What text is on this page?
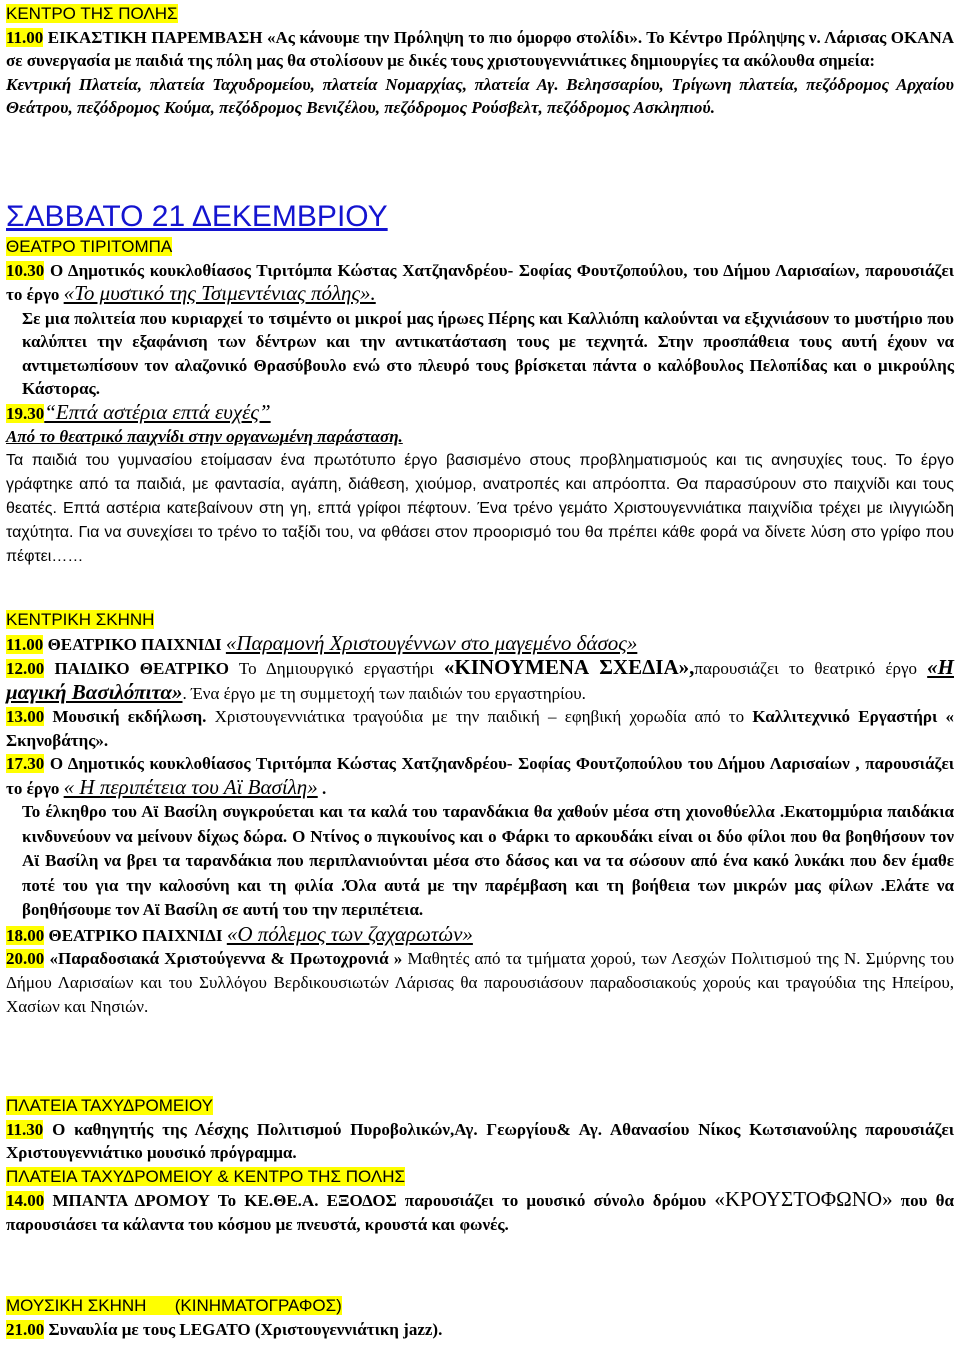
ΚΕΝΤΡΟ ΤΗΣ ΠΟΛΗΣ
11.00 ΕΙΚΑΣΤΙΚΗ ΠΑΡΕΜΒΑΣΗ «Ας κάνουμε την Πρόληψη το πιο όμορφο στολίδι». Το Κέντρο Πρόληψης ν. Λάρισας ΟΚΑΝΑ σε συνεργασία με παιδιά της πόλη μας θα στολίσουν με δικές τους χριστουγεννιάτικες δημιουργίες τα ακόλουθα σημεία:
Κεντρική Πλατεία, πλατεία Ταχυδρομείου, πλατεία Νομαρχίας, πλατεία Αγ. Βελησσαρίου, Τρίγωνη πλατεία, πεζόδρομος Αρχαίου Θεάτρου, πεζόδρομος Κούμα, πεζόδρομος Βενιζέλου, πεζόδρομος Ρούσβελτ, πεζόδρομος Ασκληπιού.
ΣΑΒΒΑΤΟ 21 ΔΕΚΕΜΒΡΙΟΥ
ΘΕΑΤΡΟ ΤΙΡΙΤΟΜΠΑ
10.30 Ο Δημοτικός κουκλοθίασος Τιριτόμπα Κώστας Χατζηανδρέου- Σοφίας Φουτζοπούλου, του Δήμου Λαρισαίων, παρουσιάζει το έργο «Το μυστικό της Τσιμεντένιας πόλης».
Σε μια πολιτεία που κυριαρχεί το τσιμέντο οι μικροί μας ήρωες Πέρης και Καλλιόπη καλούνται να εξιχνιάσουν το μυστήριο που καλύπτει την εξαφάνιση των δέντρων και την αντικατάσταση τους με τεχνητά. Στην προσπάθεια τους αυτή έχουν να αντιμετωπίσουν τον αλαζονικό Θρασύβουλο ενώ στο πλευρό τους βρίσκεται πάντα ο καλόβουλος Πελοπίδας και ο μικρούλης Κάστορας.
19.30“Επτά αστέρια επτά ευχές”
Από το θεατρικό παιχνίδι στην οργανωμένη παράσταση.
Τα παιδιά του γυμνασίου ετοίμασαν ένα πρωτότυπο έργο βασισμένο στους προβληματισμούς και τις ανησυχίες τους. Το έργο γράφτηκε από τα παιδιά, με φαντασία, αγάπη, διάθεση, χιούμορ, ανατροπές και απρόοπτα. Θα παρασύρουν στο παιχνίδι και τους θεατές. Επτά αστέρια κατεβαίνουν στη γη, επτά γρίφοι πέφτουν. Ένα τρένο γεμάτο Χριστουγεννιάτικα παιχνίδια τρέχει με ιλιγγιώδη ταχύτητα. Για να συνεχίσει το τρένο το ταξίδι του, να φθάσει στον προορισμό του θα πρέπει κάθε φορά να δίνετε λύση στο γρίφο που πέφτει……
ΚΕΝΤΡΙΚΗ ΣΚΗΝΗ
11.00 ΘΕΑΤΡΙΚΟ ΠΑΙΧΝΙΔΙ «Παραμονή Χριστουγέννων στο μαγεμένο δάσος»
12.00 ΠΑΙΔΙΚΟ ΘΕΑΤΡΙΚΟ Το Δημιουργικό εργαστήρι «ΚΙΝΟΥΜΕΝΑ ΣΧΕΔΙΑ»,παρουσιάζει το θεατρικό έργο «Η μαγική Βασιλόπιτα». Ένα έργο με τη συμμετοχή των παιδιών του εργαστηρίου.
13.00 Μουσική εκδήλωση. Χριστουγεννιάτικα τραγούδια με την παιδική – εφηβική χορωδία από το Καλλιτεχνικό Εργαστήρι « Σκηνοβάτης».
17.30 Ο Δημοτικός κουκλοθίασος Τιριτόμπα Κώστας Χατζηανδρέου- Σοφίας Φουτζοπούλου του Δήμου Λαρισαίων , παρουσιάζει το έργο « Η περιπέτεια του Αϊ Βασίλη» .
Το έλκηθρο του Αϊ Βασίλη συγκρούεται και τα καλά του ταρανδάκια θα χαθούν μέσα στη χιονοθύελλα .Εκατομμύρια παιδάκια κινδυνεύουν να μείνουν δίχως δώρα. Ο Ντίνος ο πιγκουίνος και ο Φάρκι το αρκουδάκι είναι οι δύο φίλοι που θα βοηθήσουν τον Αϊ Βασίλη να βρει τα ταρανδάκια που περιπλανιούνται μέσα στο δάσος και να τα σώσουν από ένα κακό λυκάκι που δεν έμαθε ποτέ του για την καλοσύνη και τη φιλία .Όλα αυτά με την παρέμβαση και τη βοήθεια των μικρών μας φίλων .Ελάτε να βοηθήσουμε τον Αϊ Βασίλη σε αυτή του την περιπέτεια.
18.00 ΘΕΑΤΡΙΚΟ ΠΑΙΧΝΙΔΙ «Ο πόλεμος των ζαχαρωτών»
20.00 «Παραδοσιακά Χριστούγεννα & Πρωτοχρονιά » Μαθητές από τα τμήματα χορού, των Λεσχών Πολιτισμού της Ν. Σμύρνης του Δήμου Λαρισαίων και του Συλλόγου Βερδικουσιωτών Λάρισας θα παρουσιάσουν παραδοσιακούς χορούς και τραγούδια της Ηπείρου, Χασίων και Νησιών.
ΠΛΑΤΕΙΑ ΤΑΧΥΔΡΟΜΕΙΟΥ
11.30 Ο καθηγητής της Λέσχης Πολιτισμού Πυροβολικών,Αγ. Γεωργίου& Αγ. Αθανασίου Νίκος Κωτσιανούλης παρουσιάζει Χριστουγεννιάτικο μουσικό πρόγραμμα.
ΠΛΑΤΕΙΑ ΤΑΧΥΔΡΟΜΕΙΟΥ & ΚΕΝΤΡΟ ΤΗΣ ΠΟΛΗΣ
14.00 ΜΠΑΝΤΑ ΔΡΟΜΟΥ Το ΚΕ.ΘΕ.Α. ΕΞΟΔΟΣ παρουσιάζει το μουσικό σύνολο δρόμου «ΚΡΟΥΣΤΟΦΩΝΟ» που θα παρουσιάσει τα κάλαντα του κόσμου με πνευστά, κρουστά και φωνές.
ΜΟΥΣΙΚΗ ΣΚΗΝΗ      (ΚΙΝΗΜΑΤΟΓΡΑΦΟΣ)
21.00 Συναυλία με τους LEGATO (Χριστουγεννιάτικη jazz).
